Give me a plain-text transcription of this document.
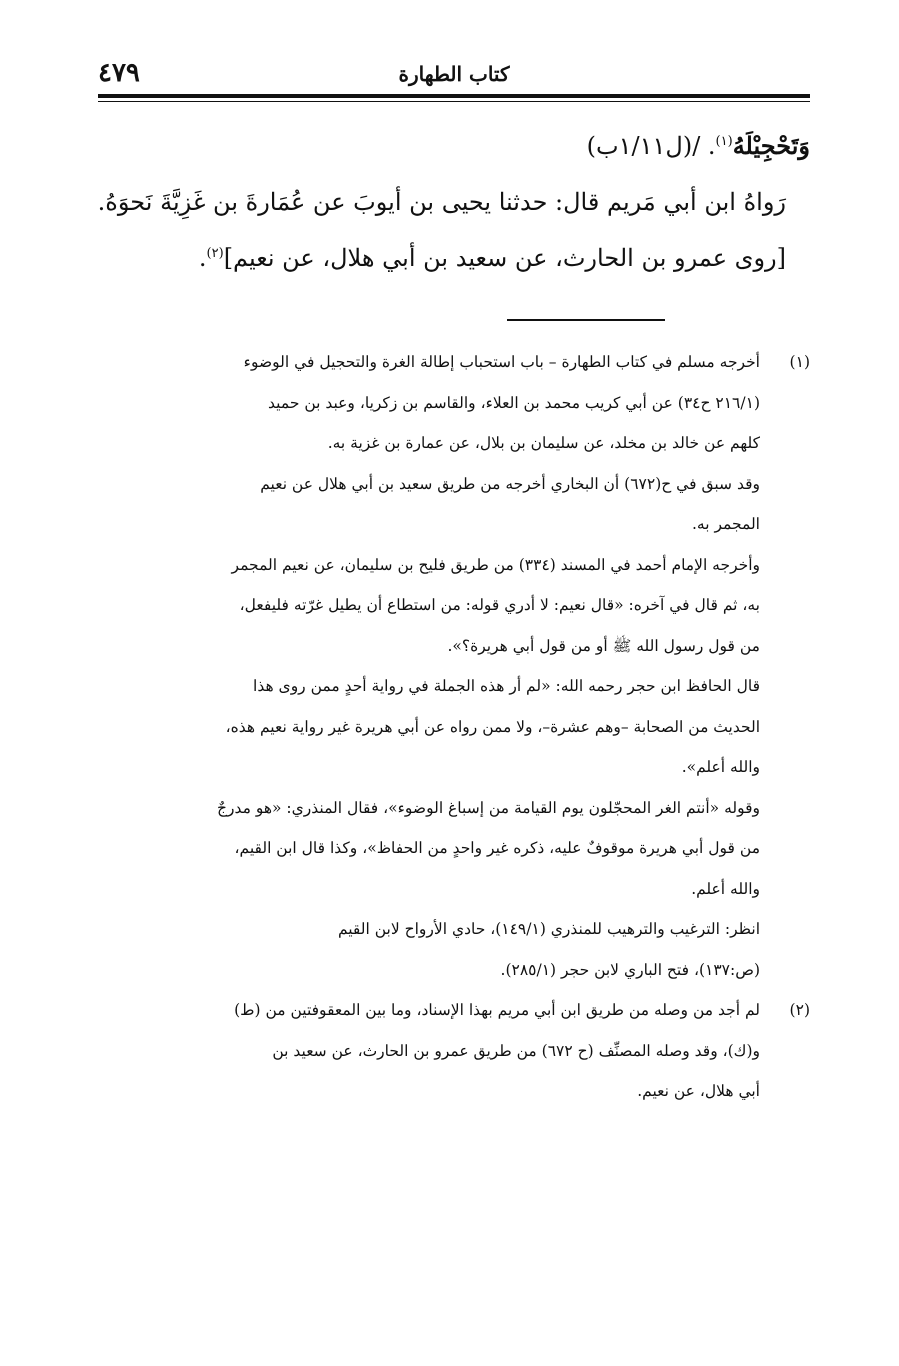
٤٧٩	كتاب الطهارة

وَتَحْجِيْلَهُ$^{(١)}$. /(ل١/١١ب)

رَواهُ ابن أبي مَريم قال: حدثنا يحيى بن أيوبَ عن عُمَارةَ بن غَزِيَّةَ نَحوَهُ.

[روى عمرو بن الحارث، عن سعيد بن أبي هلال، عن نعيم]$^{(٢)}$.

(١)أخرجه مسلم في كتاب الطهارة – باب استحباب إطالة الغرة والتحجيل في الوضوء
(٢١٦/١ ح٣٤) عن أبي كريب محمد بن العلاء، والقاسم بن زكريا، وعبد بن حميد
كلهم عن خالد بن مخلد، عن سليمان بن بلال، عن عمارة بن غزية به.
وقد سبق في ح(٦٧٢) أن البخاري أخرجه من طريق سعيد بن أبي هلال عن نعيم
المجمر به.
وأخرجه الإمام أحمد في المسند (٣٣٤) من طريق فليح بن سليمان، عن نعيم المجمر
به، ثم قال في آخره: «قال نعيم: لا أدري قوله: من استطاع أن يطيل غرّته فليفعل،
من قول رسول الله ﷺ أو من قول أبي هريرة؟».
قال الحافظ ابن حجر رحمه الله: «لم أر هذه الجملة في رواية أحدٍ ممن روى هذا
الحديث من الصحابة –وهم عشرة–، ولا ممن رواه عن أبي هريرة غير رواية نعيم هذه،
والله أعلم».
وقوله «أنتم الغر المحجّلون يوم القيامة من إسباغ الوضوء»، فقال المنذري: «هو مدرجٌ
من قول أبي هريرة موقوفٌ عليه، ذكره غير واحدٍ من الحفاظ»، وكذا قال ابن القيم،
والله أعلم.
انظر: الترغيب والترهيب للمنذري (١٤٩/١)، حادي الأرواح لابن القيم
(ص:١٣٧)، فتح الباري لابن حجر (٢٨٥/١).
(٢)لم أجد من وصله من طريق ابن أبي مريم بهذا الإسناد، وما بين المعقوفتين من (ط)
و(ك)، وقد وصله المصنِّف (ح ٦٧٢) من طريق عمرو بن الحارث، عن سعيد بن
أبي هلال، عن نعيم.
